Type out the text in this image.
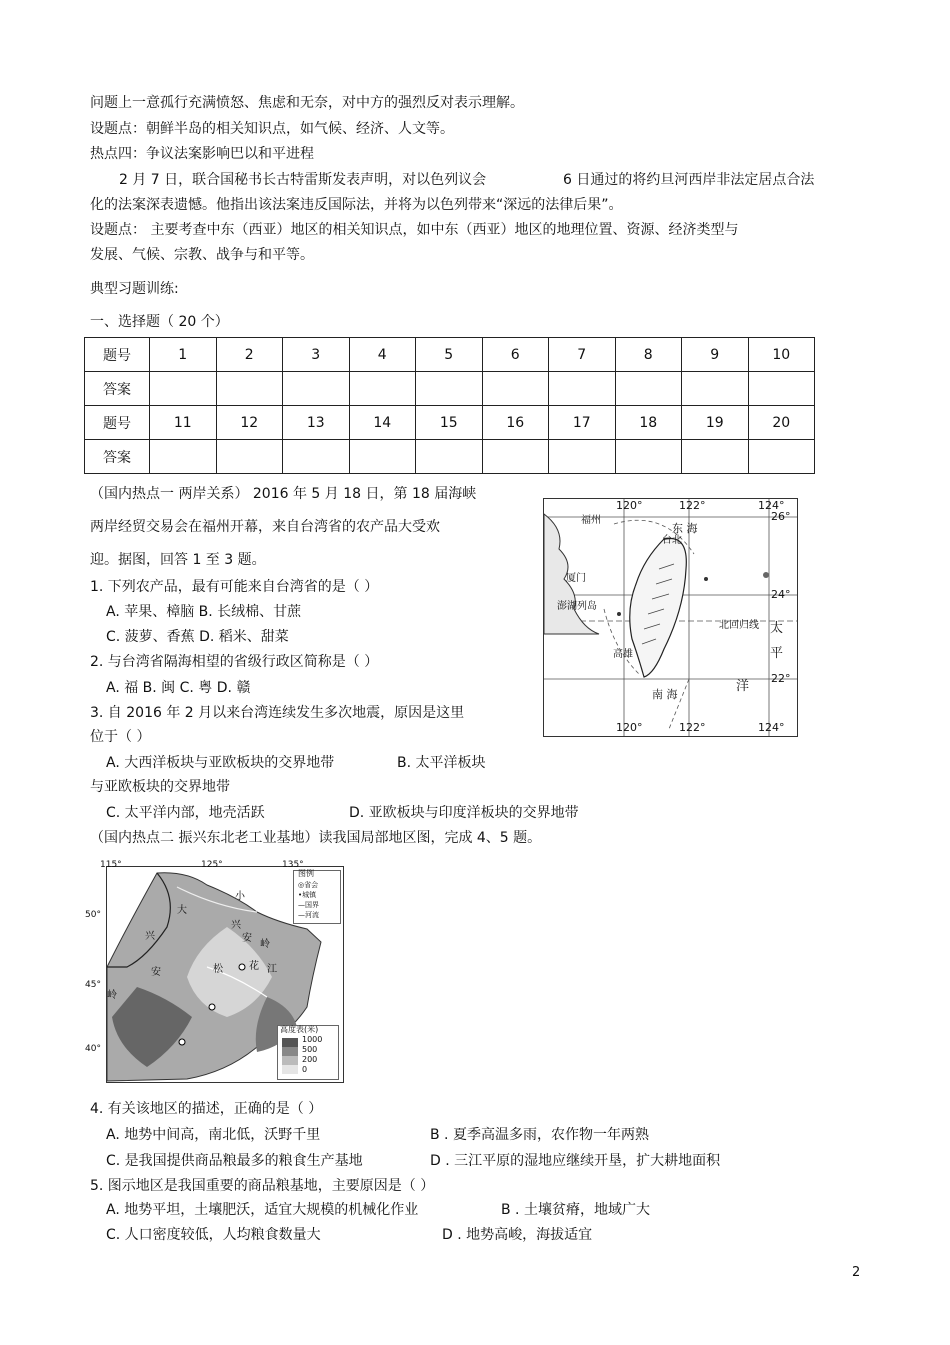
问题上一意孤行充满愤怒、焦虑和无奈，对中方的强烈反对表示理解。
设题点：朝鲜半岛的相关知识点，如气候、经济、人文等。
热点四：争议法案影响巴以和平进程
2 月 7 日，联合国秘书长古特雷斯发表声明，对以色列议会	6 日通过的将约旦河西岸非法定居点合法
化的法案深表遗憾。他指出该法案违反国际法，并将为以色列带来“深远的法律后果”。
设题点： 主要考查中东（西亚）地区的相关知识点，如中东（西亚）地区的地理位置、资源、经济类型与
发展、气候、宗教、战争与和平等。
典型习题训练:
一、选择题（ 20 个）
题号	1	2	3	4	5	6	7	8	9	10
答案										
题号	11	12	13	14	15	16	17	18	19	20
答案										
（国内热点一 两岸关系） 2016 年 5 月 18 日，第 18 届海峡
两岸经贸交易会在福州开幕，来自台湾省的农产品大受欢
迎。据图，回答 1 至 3 题。
1. 下列农产品，最有可能来自台湾省的是（ ）
A. 苹果、樟脑 B. 长绒棉、甘蔗
C. 菠萝、香蕉 D. 稻米、甜菜
2. 与台湾省隔海相望的省级行政区简称是（ ）
A. 福 B. 闽 C. 粤 D. 赣
3. 自 2016 年 2 月以来台湾连续发生多次地震，原因是这里
位于（ ）
A. 大西洋板块与亚欧板块的交界地带	B. 太平洋板块
与亚欧板块的交界地带
C. 太平洋内部，地壳活跃	D. 亚欧板块与印度洋板块的交界地带
120°	122°	124°
26°
24°
22°
福州
东 海
台北
厦门
澎湖列岛
北回归线
高雄
南 海
太
平
洋
120°	122°	124°
（国内热点二 振兴东北老工业基地）读我国局部地区图，完成 4、5 题。
115°	125°	135°
50°
45°
40°
图例
◎省会
•城镇
—国界
—河流
高度表(米)
1000
500
200
0
大
小
兴
安
岭
松	花 江
兴
安
岭
4. 有关该地区的描述，正确的是（ ）
A. 地势中间高，南北低，沃野千里	B . 夏季高温多雨，农作物一年两熟
C. 是我国提供商品粮最多的粮食生产基地	D . 三江平原的湿地应继续开垦，扩大耕地面积
5. 图示地区是我国重要的商品粮基地，主要原因是（ ）
A. 地势平坦，土壤肥沃，适宜大规模的机械化作业	B . 土壤贫瘠，地域广大
C. 人口密度较低，人均粮食数量大	D . 地势高峻，海拔适宜
2
